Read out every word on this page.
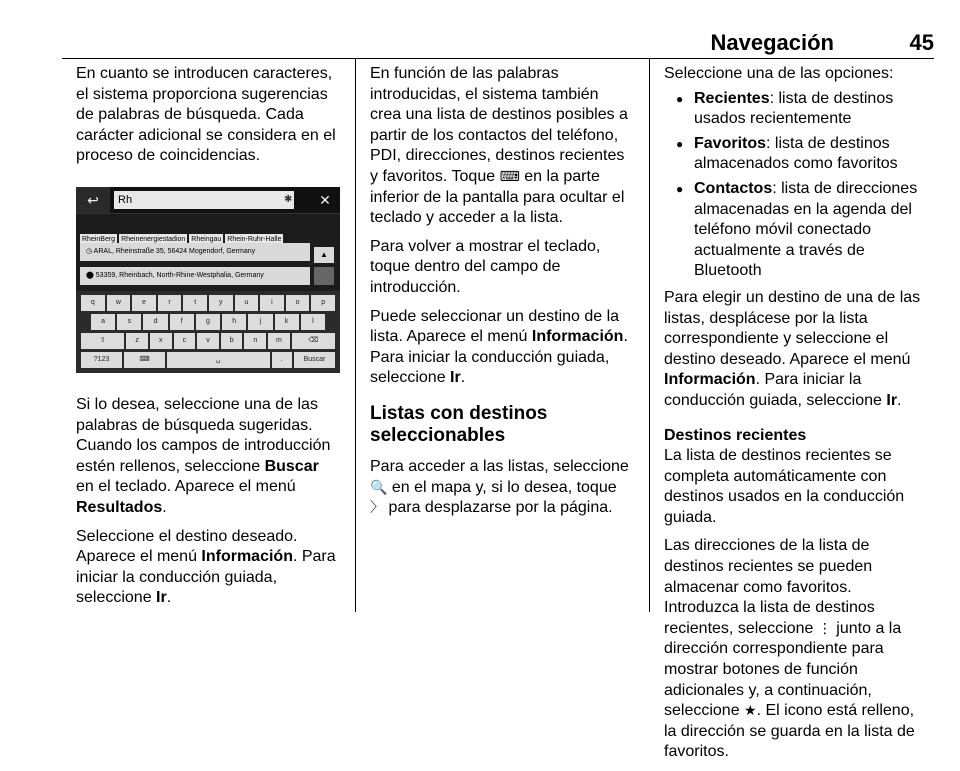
Navegación	45

En cuanto se introducen caracteres, el sistema proporciona sugerencias de palabras de búsqueda. Cada carácter adicional se considera en el proceso de coincidencias.

↩	Rh	✱	✕
RheinBerg Rheinenergiestadion Rheingau Rhein-Ruhr-Halle
◷ ARAL, Rheinstraße 35, 56424 Mogendorf, Germany
⬤ 53359, Rheinbach, North-Rhine-Westphalia, Germany
▲
q	w	e	r	t	y	u	i	o	p
a	s	d	f	g	h	j	k	l
⇧	z	x	c	v	b	n	m	⌫
?123	⌨	␣	.	Buscar

Si lo desea, seleccione una de las palabras de búsqueda sugeridas. Cuando los campos de introducción estén rellenos, seleccione Buscar en el teclado. Aparece el menú Resultados.

Seleccione el destino deseado. Aparece el menú Información. Para iniciar la conducción guiada, seleccione Ir.

En función de las palabras introducidas, el sistema también crea una lista de destinos posibles a partir de los contactos del teléfono, PDI, direcciones, destinos recientes y favoritos. Toque ⌨ en la parte inferior de la pantalla para ocultar el teclado y acceder a la lista.

Para volver a mostrar el teclado, toque dentro del campo de introducción.

Puede seleccionar un destino de la lista. Aparece el menú Información. Para iniciar la conducción guiada, seleccione Ir.

Listas con destinos seleccionables

Para acceder a las listas, seleccione 🔍 en el mapa y, si lo desea, toque 〉 para desplazarse por la página.

Seleccione una de las opciones:

● Recientes: lista de destinos usados recientemente
● Favoritos: lista de destinos almacenados como favoritos
● Contactos: lista de direcciones almacenadas en la agenda del teléfono móvil conectado actualmente a través de Bluetooth

Para elegir un destino de una de las listas, desplácese por la lista correspondiente y seleccione el destino deseado. Aparece el menú Información. Para iniciar la conducción guiada, seleccione Ir.

Destinos recientes

La lista de destinos recientes se completa automáticamente con destinos usados en la conducción guiada.

Las direcciones de la lista de destinos recientes se pueden almacenar como favoritos. Introduzca la lista de destinos recientes, seleccione ⋮ junto a la dirección correspondiente para mostrar botones de función adicionales y, a continuación, seleccione ★. El icono está relleno, la dirección se guarda en la lista de favoritos.
